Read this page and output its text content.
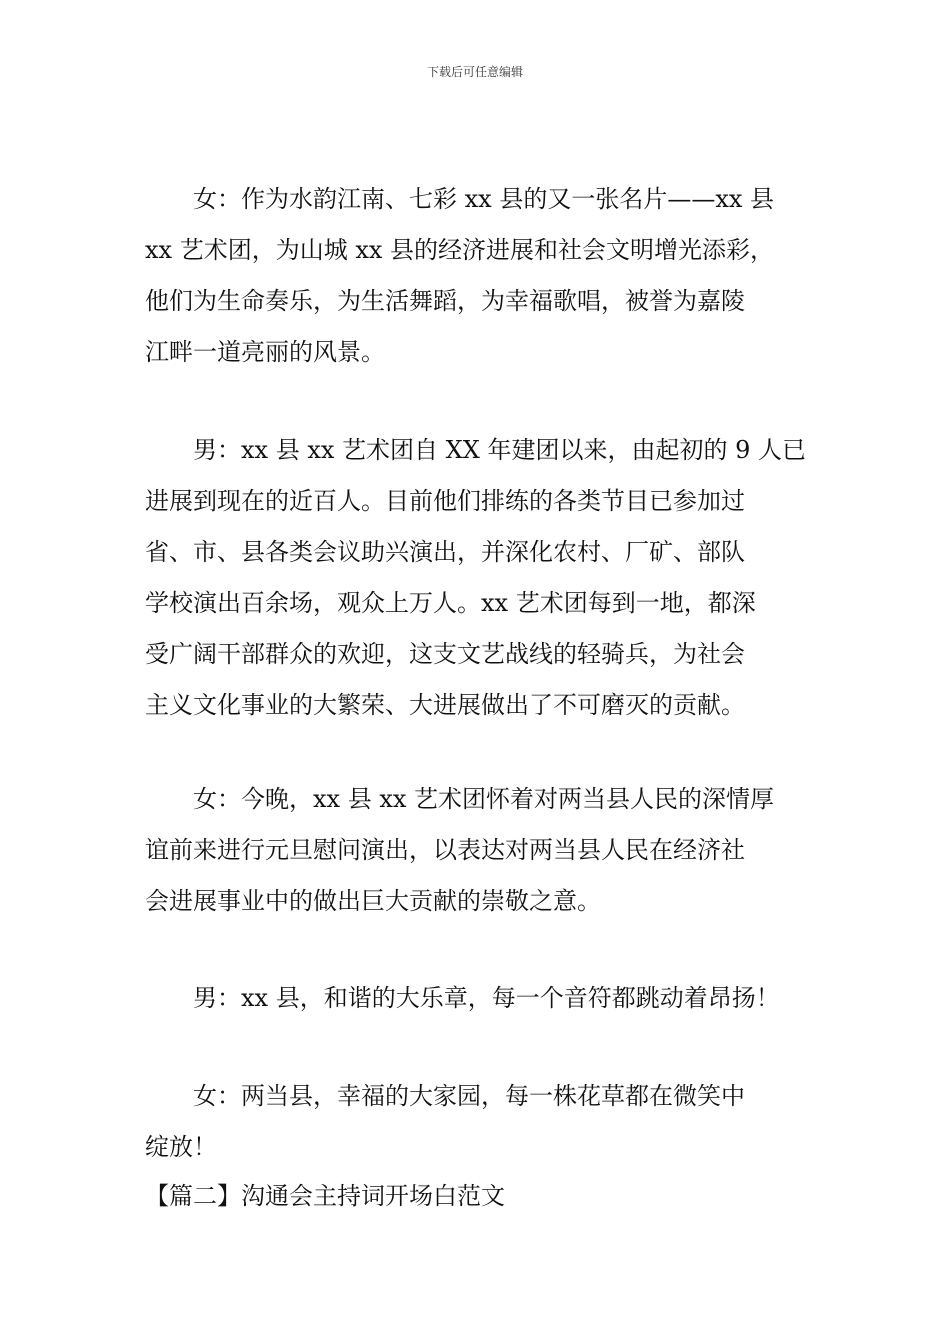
下载后可任意编辑
　　女：作为水韵江南、七彩 xx 县的又一张名片——xx 县
xx 艺术团，为山城 xx 县的经济进展和社会文明增光添彩，
他们为生命奏乐，为生活舞蹈，为幸福歌唱，被誉为嘉陵
江畔一道亮丽的风景。
　　男：xx 县 xx 艺术团自 XX 年建团以来，由起初的 9 人已
进展到现在的近百人。目前他们排练的各类节目已参加过
省、市、县各类会议助兴演出，并深化农村、厂矿、部队
学校演出百余场，观众上万人。xx 艺术团每到一地，都深
受广阔干部群众的欢迎，这支文艺战线的轻骑兵，为社会
主义文化事业的大繁荣、大进展做出了不可磨灭的贡献。
　　女：今晚，xx 县 xx 艺术团怀着对两当县人民的深情厚
谊前来进行元旦慰问演出，以表达对两当县人民在经济社
会进展事业中的做出巨大贡献的崇敬之意。
　　男：xx 县，和谐的大乐章，每一个音符都跳动着昂扬！
　　女：两当县，幸福的大家园，每一株花草都在微笑中
绽放！
【篇二】沟通会主持词开场白范文
